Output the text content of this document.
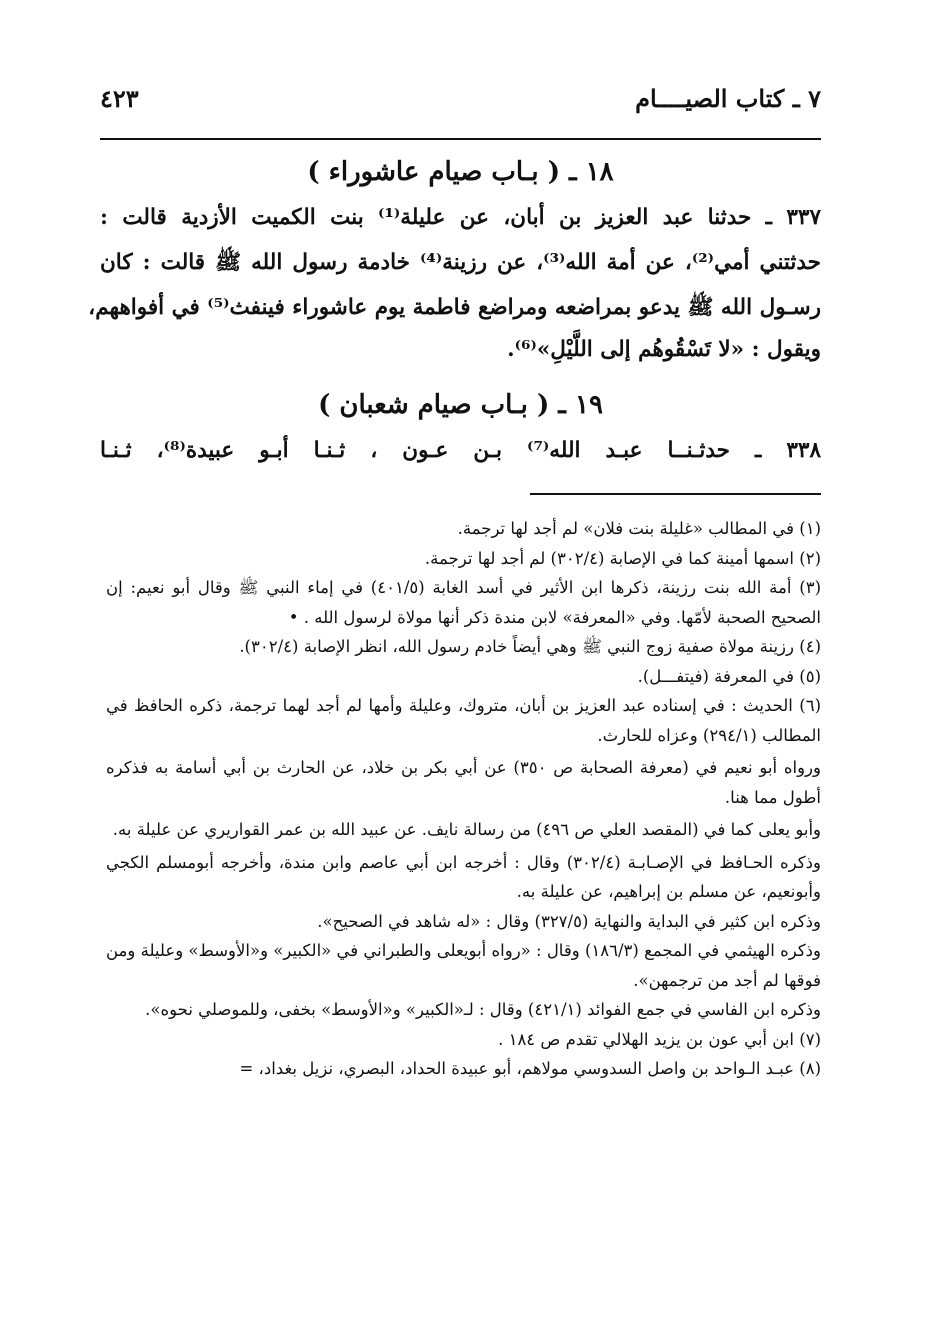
٧ ـ كتاب الصيــــام
٤٢٣
١٨ ـ ( بـاب صيام عاشوراء )
٣٣٧ ـ حدثنا عبد العزيز بن أبان، عن عليلة⁽¹⁾ بنت الكميت الأزدية قالت :
حدثتني أمي⁽²⁾، عن أمة الله⁽³⁾، عن رزينة⁽⁴⁾ خادمة رسول الله ﷺ قالت : كان
رسـول الله ﷺ يدعو بمراضعه ومراضع فاطمة يوم عاشوراء فينفث⁽⁵⁾ في أفواههم،
ويقول : «لا تَسْقُوهُم إلى اللَّيْلِ»⁽⁶⁾.
١٩ ـ ( بـاب صيام شعبان )
٣٣٨ ـ حدثـنــا عبـد الله⁽⁷⁾ بـن عـون ، ثـنـا أبـو عبيدة⁽⁸⁾، ثـنـا

(١) في المطالب «غليلة بنت فلان» لم أجد لها ترجمة.

(٢) اسمها أمينة كما في الإصابة (٣٠٢/٤) لم أجد لها ترجمة.

(٣) أمة الله بنت رزينة، ذكرها ابن الأثير في أسد الغابة (٤٠١/٥) في إماء النبي ﷺ وقال أبو نعيم: إن الصحيح الصحبة لأمّها. وفي «المعرفة» لابن مندة ذكر أنها مولاة لرسول الله . •

(٤) رزينة مولاة صفية زوج النبي ﷺ وهي أيضاً خادم رسول الله، انظر الإصابة (٣٠٢/٤).

(٥) في المعرفة (فيتفـــل).

(٦) الحديث : في إسناده عبد العزيز بن أبان، متروك، وعليلة وأمها لم أجد لهما ترجمة، ذكره الحافظ في المطالب (٢٩٤/١) وعزاه للحارث.

ورواه أبو نعيم في (معرفة الصحابة ص ٣٥٠) عن أبي بكر بن خلاد، عن الحارث بن أبي أسامة به فذكره أطول مما هنا.

وأبو يعلى كما في (المقصد العلي ص ٤٩٦) من رسالة نايف. عن عبيد الله بن عمر القواريري عن عليلة به.

وذكره الحـافظ في الإصـابـة (٣٠٢/٤) وقال : أخرجه ابن أبي عاصم وابن مندة، وأخرجه أبومسلم الكجي وأبونعيم، عن مسلم بن إبراهيم، عن عليلة به.

وذكره ابن كثير في البداية والنهاية (٣٢٧/٥) وقال : «له شاهد في الصحيح».

وذكره الهيثمي في المجمع (١٨٦/٣) وقال : «رواه أبويعلى والطبراني في «الكبير» و«الأوسط» وعليلة ومن فوقها لم أجد من ترجمهن».

وذكره ابن الفاسي في جمع الفوائد (٤٢١/١) وقال : لـ«الكبير» و«الأوسط» بخفى، وللموصلي نحوه».

(٧) ابن أبي عون بن يزيد الهلالي تقدم ص ١٨٤ .

(٨) عبـد الـواحد بن واصل السدوسي مولاهم، أبو عبيدة الحداد، البصري، نزيل بغداد، =
